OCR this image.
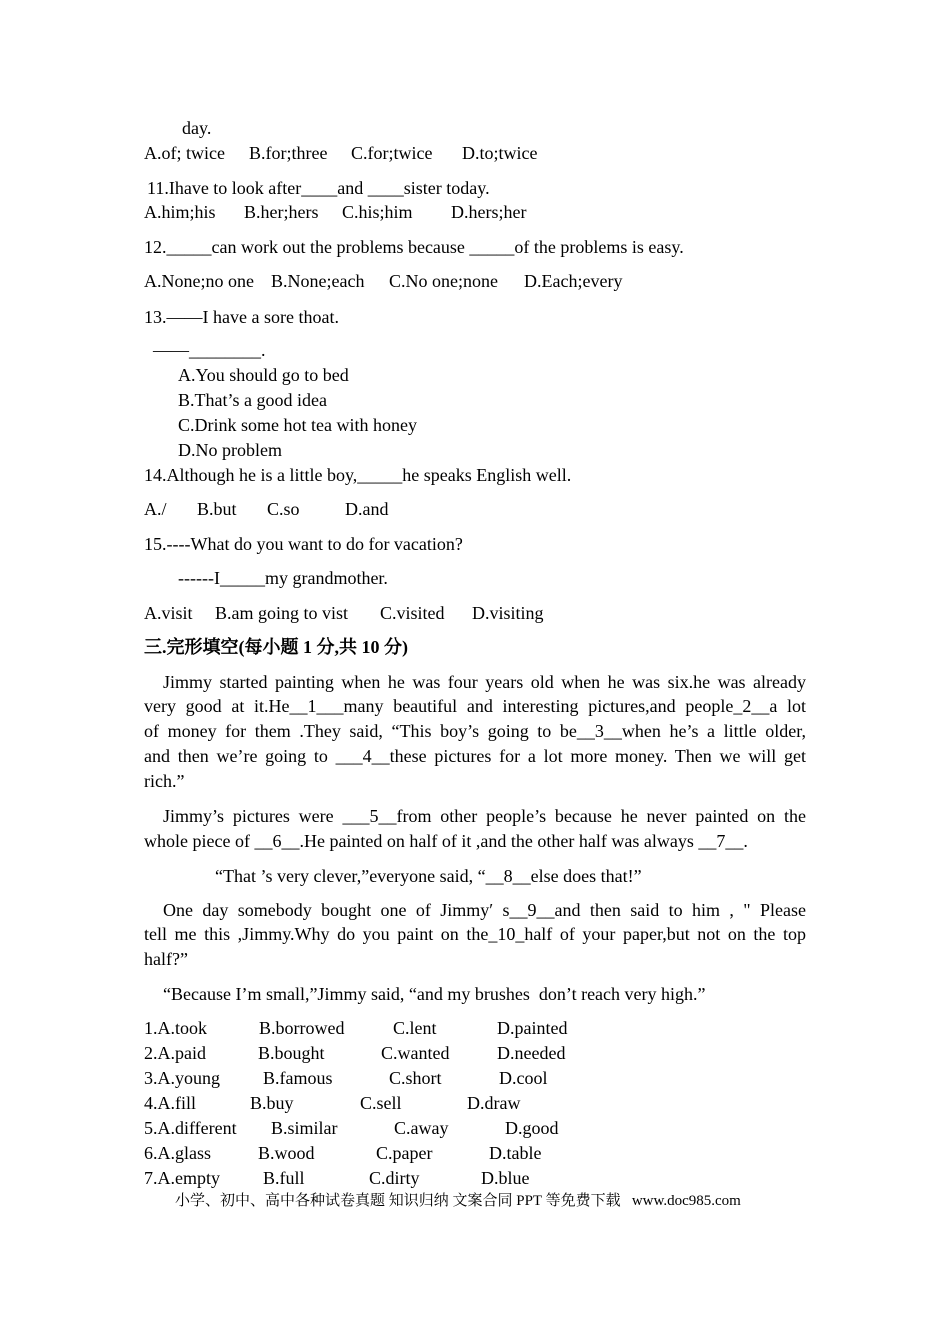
day.
A.of; twice B.for;three C.for;twice D.to;twice
11.Ihave to look after____and ____sister today.
A.him;his B.her;hers C.his;him D.hers;her
12._____can work out the problems because _____of the problems is easy.
A.None;no one B.None;each C.No one;none D.Each;every
13.——I have a sore thoat.
——________.
A.You should go to bed
B.That’s a good idea
C.Drink some hot tea with honey
D.No problem
14.Although he is a little boy,_____he speaks English well.
A./ B.but C.so	D.and
15.----What do you want to do for vacation?
------I_____my grandmother.
A.visit B.am going to vist C.visited D.visiting
三.完形填空(每小题 1 分,共 10 分)
Jimmy started painting when he was four years old when he was six.he was already
very good at it.He__1___many beautiful and interesting pictures,and people_2__a lot
of money for them .They said, “This boy’s going to be__3__when he’s a little older,
and then we’re going to ___4__these pictures for a lot more money. Then we will get
rich.”
Jimmy’s pictures were ___5__from other people’s because he never painted on the
whole piece of __6__.He painted on half of it ,and the other half was always __7__.
“That ’s very clever,”everyone said, “__8__else does that!”
One day somebody bought one of Jimmy′ s__9__and then said to him , " Please
tell me this ,Jimmy.Why do you paint on the_10_half of your paper,but not on the top
half?”
“Because I’m small,”Jimmy said, “and my brushes  don’t reach very high.”
1.A.took	B.borrowed	C.lent	D.painted
2.A.paid	B.bought	C.wanted	D.needed
3.A.young B.famous	C.short	D.cool
4.A.fill	B.buy	C.sell	D.draw
5.A.different B.similar	C.away	D.good
6.A.glass	B.wood	C.paper	D.table
7.A.empty B.full	C.dirty	D.blue
小学、初中、高中各种试卷真题 知识归纳 文案合同 PPT 等免费下载   www.doc985.com
